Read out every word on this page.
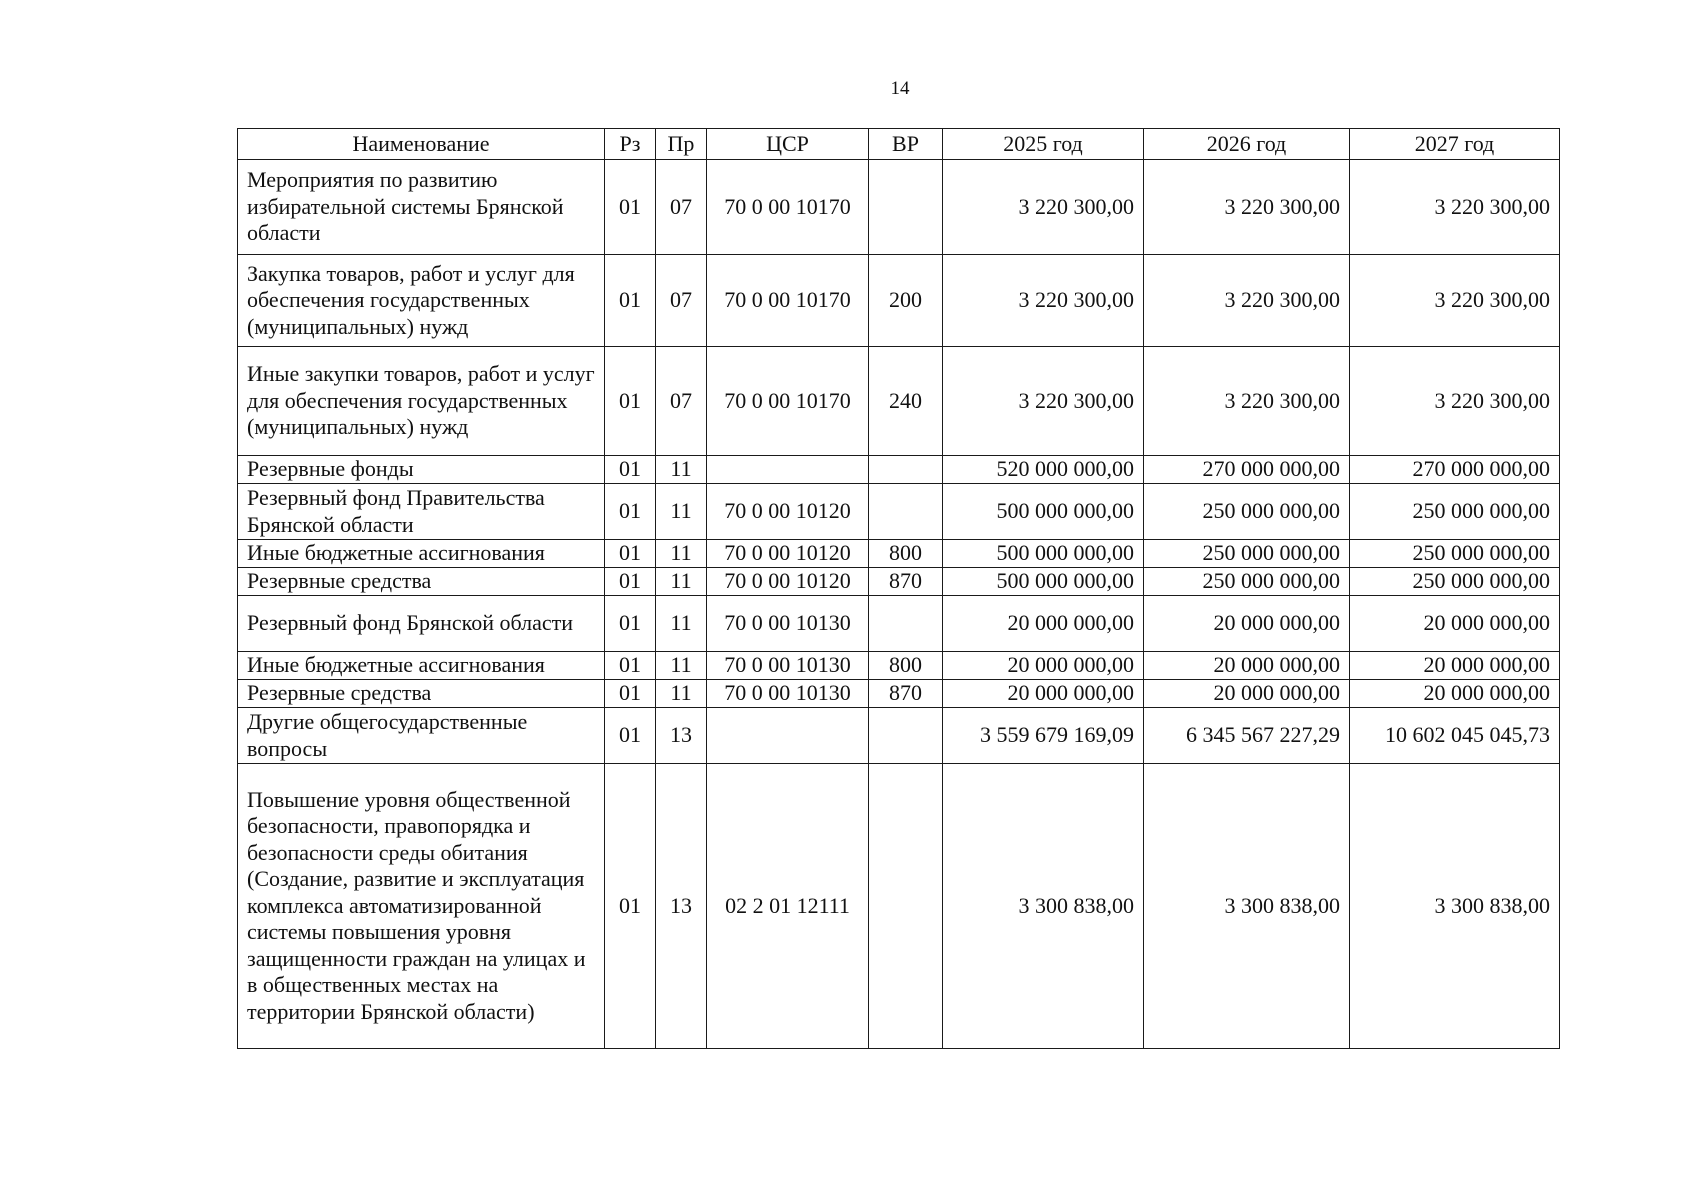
14
Наименование	Рз	Пр	ЦСР	ВР	2025 год	2026 год	2027 год
Мероприятия по развитию избирательной системы Брянской области	01	07	70 0 00 10170		3 220 300,00	3 220 300,00	3 220 300,00
Закупка товаров, работ и услуг для обеспечения государственных (муниципальных) нужд	01	07	70 0 00 10170	200	3 220 300,00	3 220 300,00	3 220 300,00
Иные закупки товаров, работ и услуг для обеспечения государственных (муниципальных) нужд	01	07	70 0 00 10170	240	3 220 300,00	3 220 300,00	3 220 300,00
Резервные фонды	01	11			520 000 000,00	270 000 000,00	270 000 000,00
Резервный фонд Правительства Брянской области	01	11	70 0 00 10120		500 000 000,00	250 000 000,00	250 000 000,00
Иные бюджетные ассигнования	01	11	70 0 00 10120	800	500 000 000,00	250 000 000,00	250 000 000,00
Резервные средства	01	11	70 0 00 10120	870	500 000 000,00	250 000 000,00	250 000 000,00
Резервный фонд Брянской области	01	11	70 0 00 10130		20 000 000,00	20 000 000,00	20 000 000,00
Иные бюджетные ассигнования	01	11	70 0 00 10130	800	20 000 000,00	20 000 000,00	20 000 000,00
Резервные средства	01	11	70 0 00 10130	870	20 000 000,00	20 000 000,00	20 000 000,00
Другие общегосударственные вопросы	01	13			3 559 679 169,09	6 345 567 227,29	10 602 045 045,73
Повышение уровня общественной безопасности, правопорядка и безопасности среды обитания (Создание, развитие и эксплуатация комплекса автоматизированной системы повышения уровня защищенности граждан на улицах и в общественных местах на территории Брянской области)	01	13	02 2 01 12111		3 300 838,00	3 300 838,00	3 300 838,00
